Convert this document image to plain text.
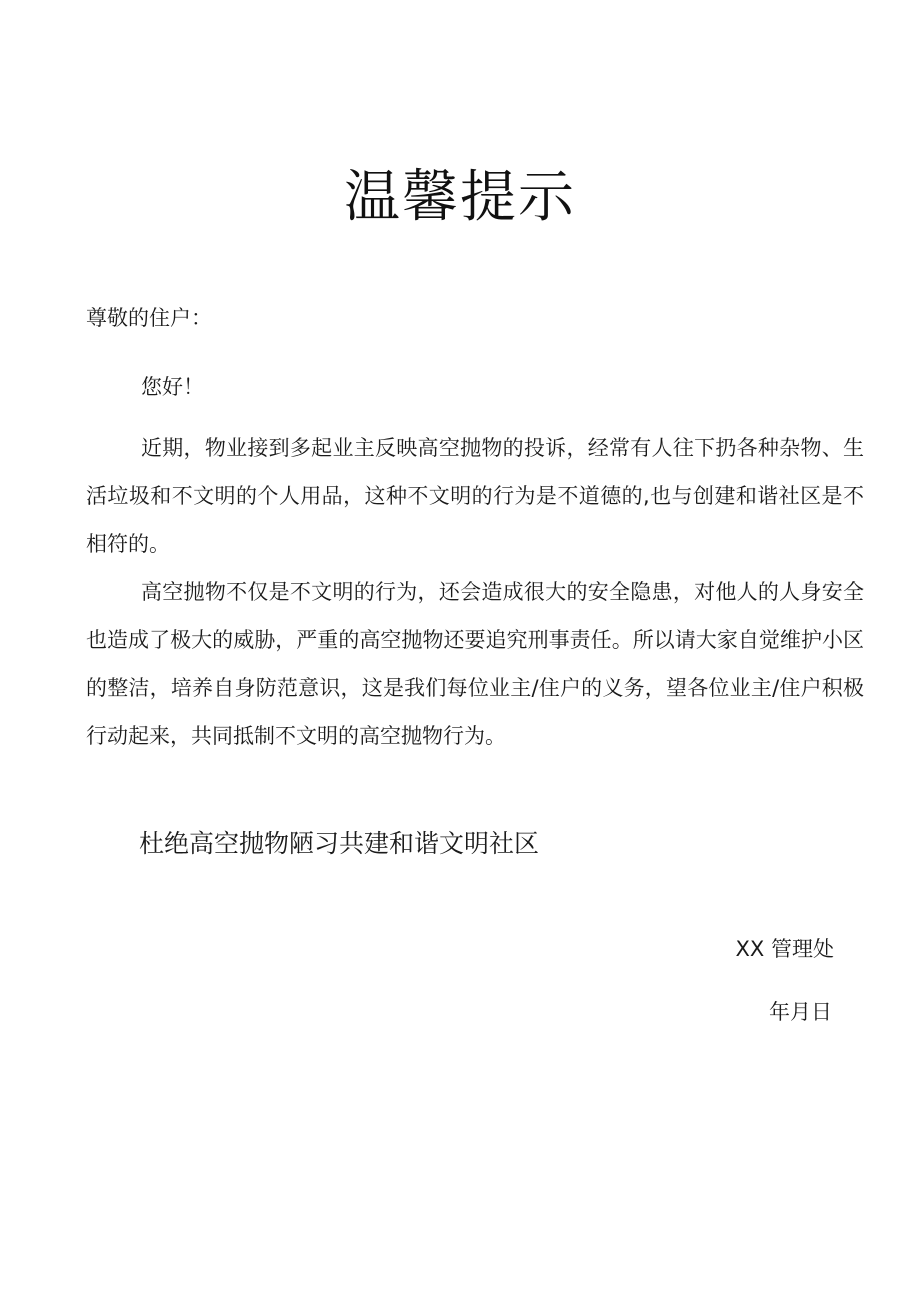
温馨提示
尊敬的住户：
您好！

近期，物业接到多起业主反映高空抛物的投诉，经常有人往下扔各种杂物、生活垃圾和不文明的个人用品，这种不文明的行为是不道德的,也与创建和谐社区是不相符的。

高空抛物不仅是不文明的行为，还会造成很大的安全隐患，对他人的人身安全也造成了极大的威胁，严重的高空抛物还要追究刑事责任。所以请大家自觉维护小区的整洁，培养自身防范意识，这是我们每位业主/住户的义务，望各位业主/住户积极行动起来，共同抵制不文明的高空抛物行为。

杜绝高空抛物陋习共建和谐文明社区
XX 管理处
年月日
